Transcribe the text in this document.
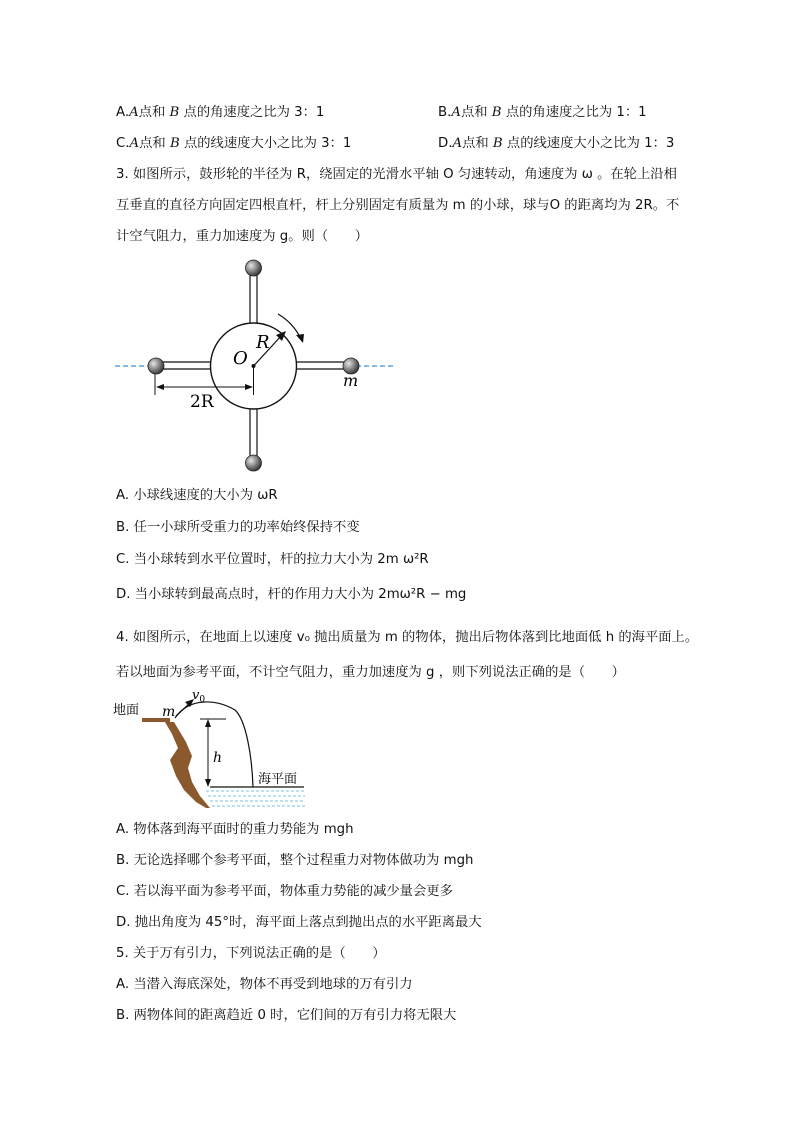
A.A点和 B 点的角速度之比为 3：1	B.A点和 B 点的角速度之比为 1：1
C.A点和 B 点的线速度大小之比为 3：1	D.A点和 B 点的线速度大小之比为 1：3
3. 如图所示，鼓形轮的半径为 R，绕固定的光滑水平轴 O 匀速转动，角速度为 ω 。在轮上沿相
互垂直的直径方向固定四根直杆，杆上分别固定有质量为 m 的小球，球与O 的距离均为 2R。不
计空气阻力，重力加速度为 g。则（　　）
O
R
2R
m
A. 小球线速度的大小为 ωR
B. 任一小球所受重力的功率始终保持不变
C. 当小球转到水平位置时，杆的拉力大小为 2m ω²R
D. 当小球转到最高点时，杆的作用力大小为 2mω²R − mg
4. 如图所示，在地面上以速度 v₀ 抛出质量为 m 的物体，抛出后物体落到比地面低 h 的海平面上。
若以地面为参考平面，不计空气阻力，重力加速度为 g ，则下列说法正确的是（　　）
地面 m
$v_0$
h
海平面
A. 物体落到海平面时的重力势能为 mgh
B. 无论选择哪个参考平面，整个过程重力对物体做功为 mgh
C. 若以海平面为参考平面，物体重力势能的减少量会更多
D. 抛出角度为 45°时，海平面上落点到抛出点的水平距离最大
5. 关于万有引力，下列说法正确的是（　　）
A. 当潜入海底深处，物体不再受到地球的万有引力
B. 两物体间的距离趋近 0 时，它们间的万有引力将无限大
